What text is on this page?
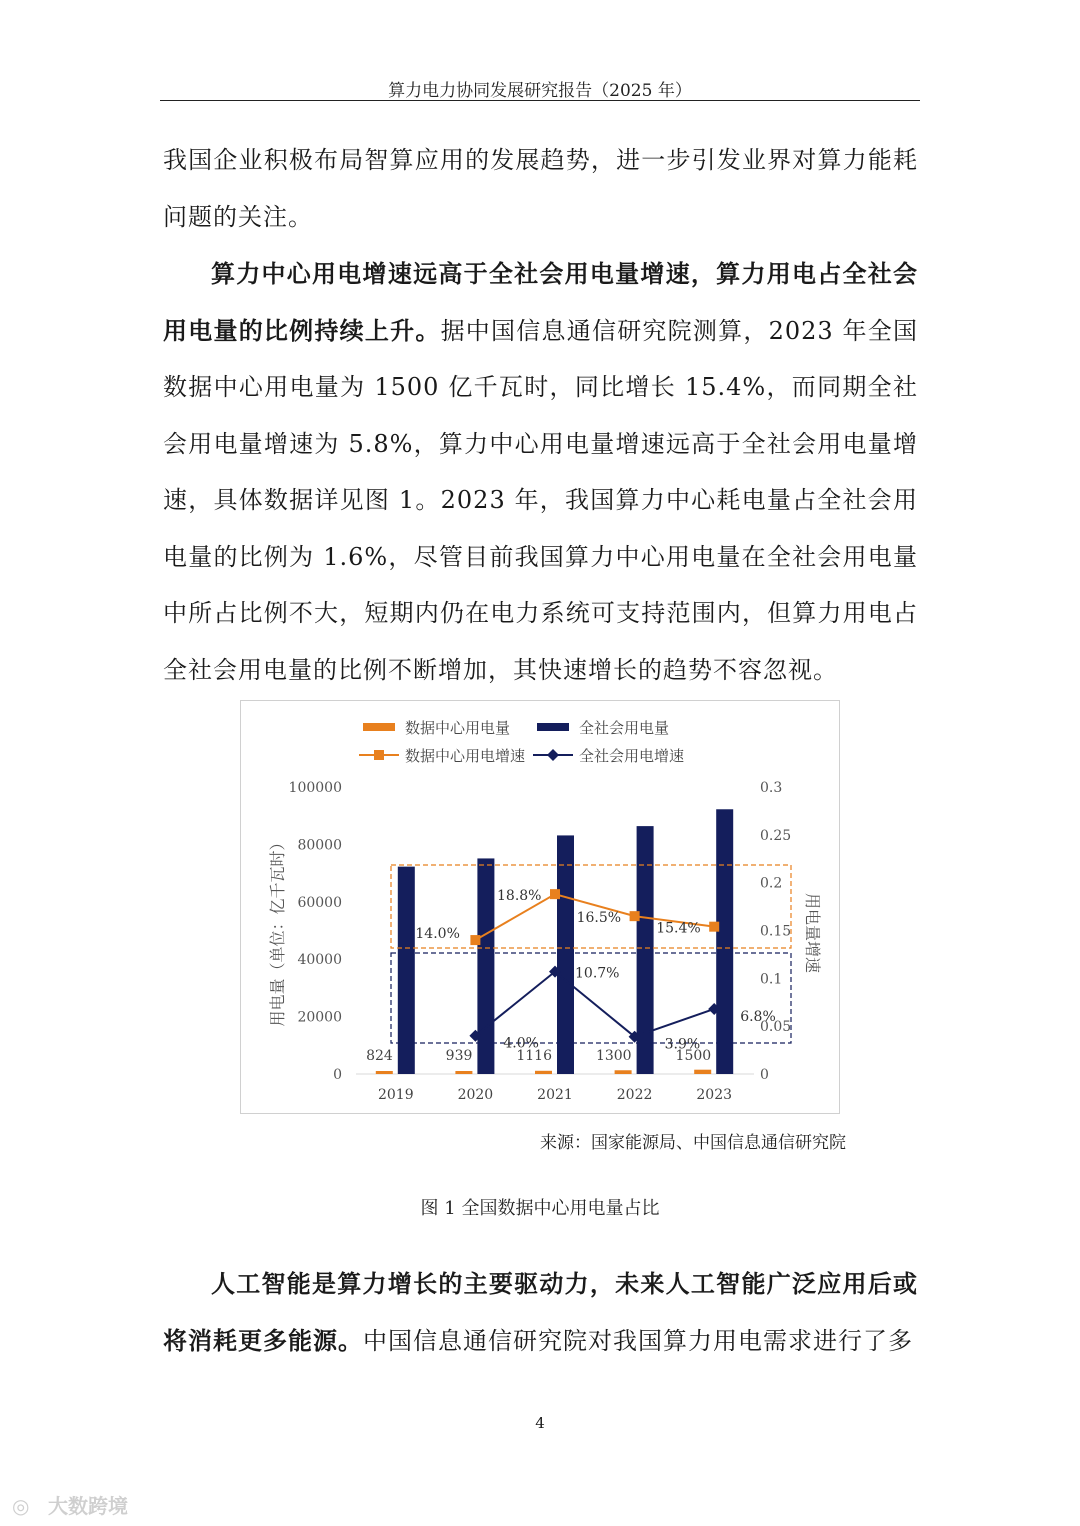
算力电力协同发展研究报告（2025 年）

我国企业积极布局智算应用的发展趋势，进一步引发业界对算力能耗问题的关注。

算力中心用电增速远高于全社会用电量增速，算力用电占全社会用电量的比例持续上升。据中国信息通信研究院测算，2023 年全国数据中心用电量为 1500 亿千瓦时，同比增长 15.4%，而同期全社会用电量增速为 5.8%，算力中心用电量增速远高于全社会用电量增速，具体数据详见图 1。2023 年，我国算力中心耗电量占全社会用电量的比例为 1.6%，尽管目前我国算力中心用电量在全社会用电量中所占比例不大，短期内仍在电力系统可支持范围内，但算力用电占全社会用电量的比例不断增加，其快速增长的趋势不容忽视。

0
20000
40000
60000
80000
100000
0
0.05
0.1
0.15
0.2
0.25
0.3
用电量（单位：亿千瓦时）	用电量增速
2019	2020	2021	2022	2023
824	939	1116	1300	1500
14.0%
18.8%
16.5%
15.4%
4.0%
10.7%
3.9%
6.8%
数据中心用电量	全社会用电量
数据中心用电增速	全社会用电增速
来源：国家能源局、中国信息通信研究院
图 1 全国数据中心用电量占比

人工智能是算力增长的主要驱动力，未来人工智能广泛应用后或将消耗更多能源。中国信息通信研究院对我国算力用电需求进行了多

4
◎ 大数跨境
